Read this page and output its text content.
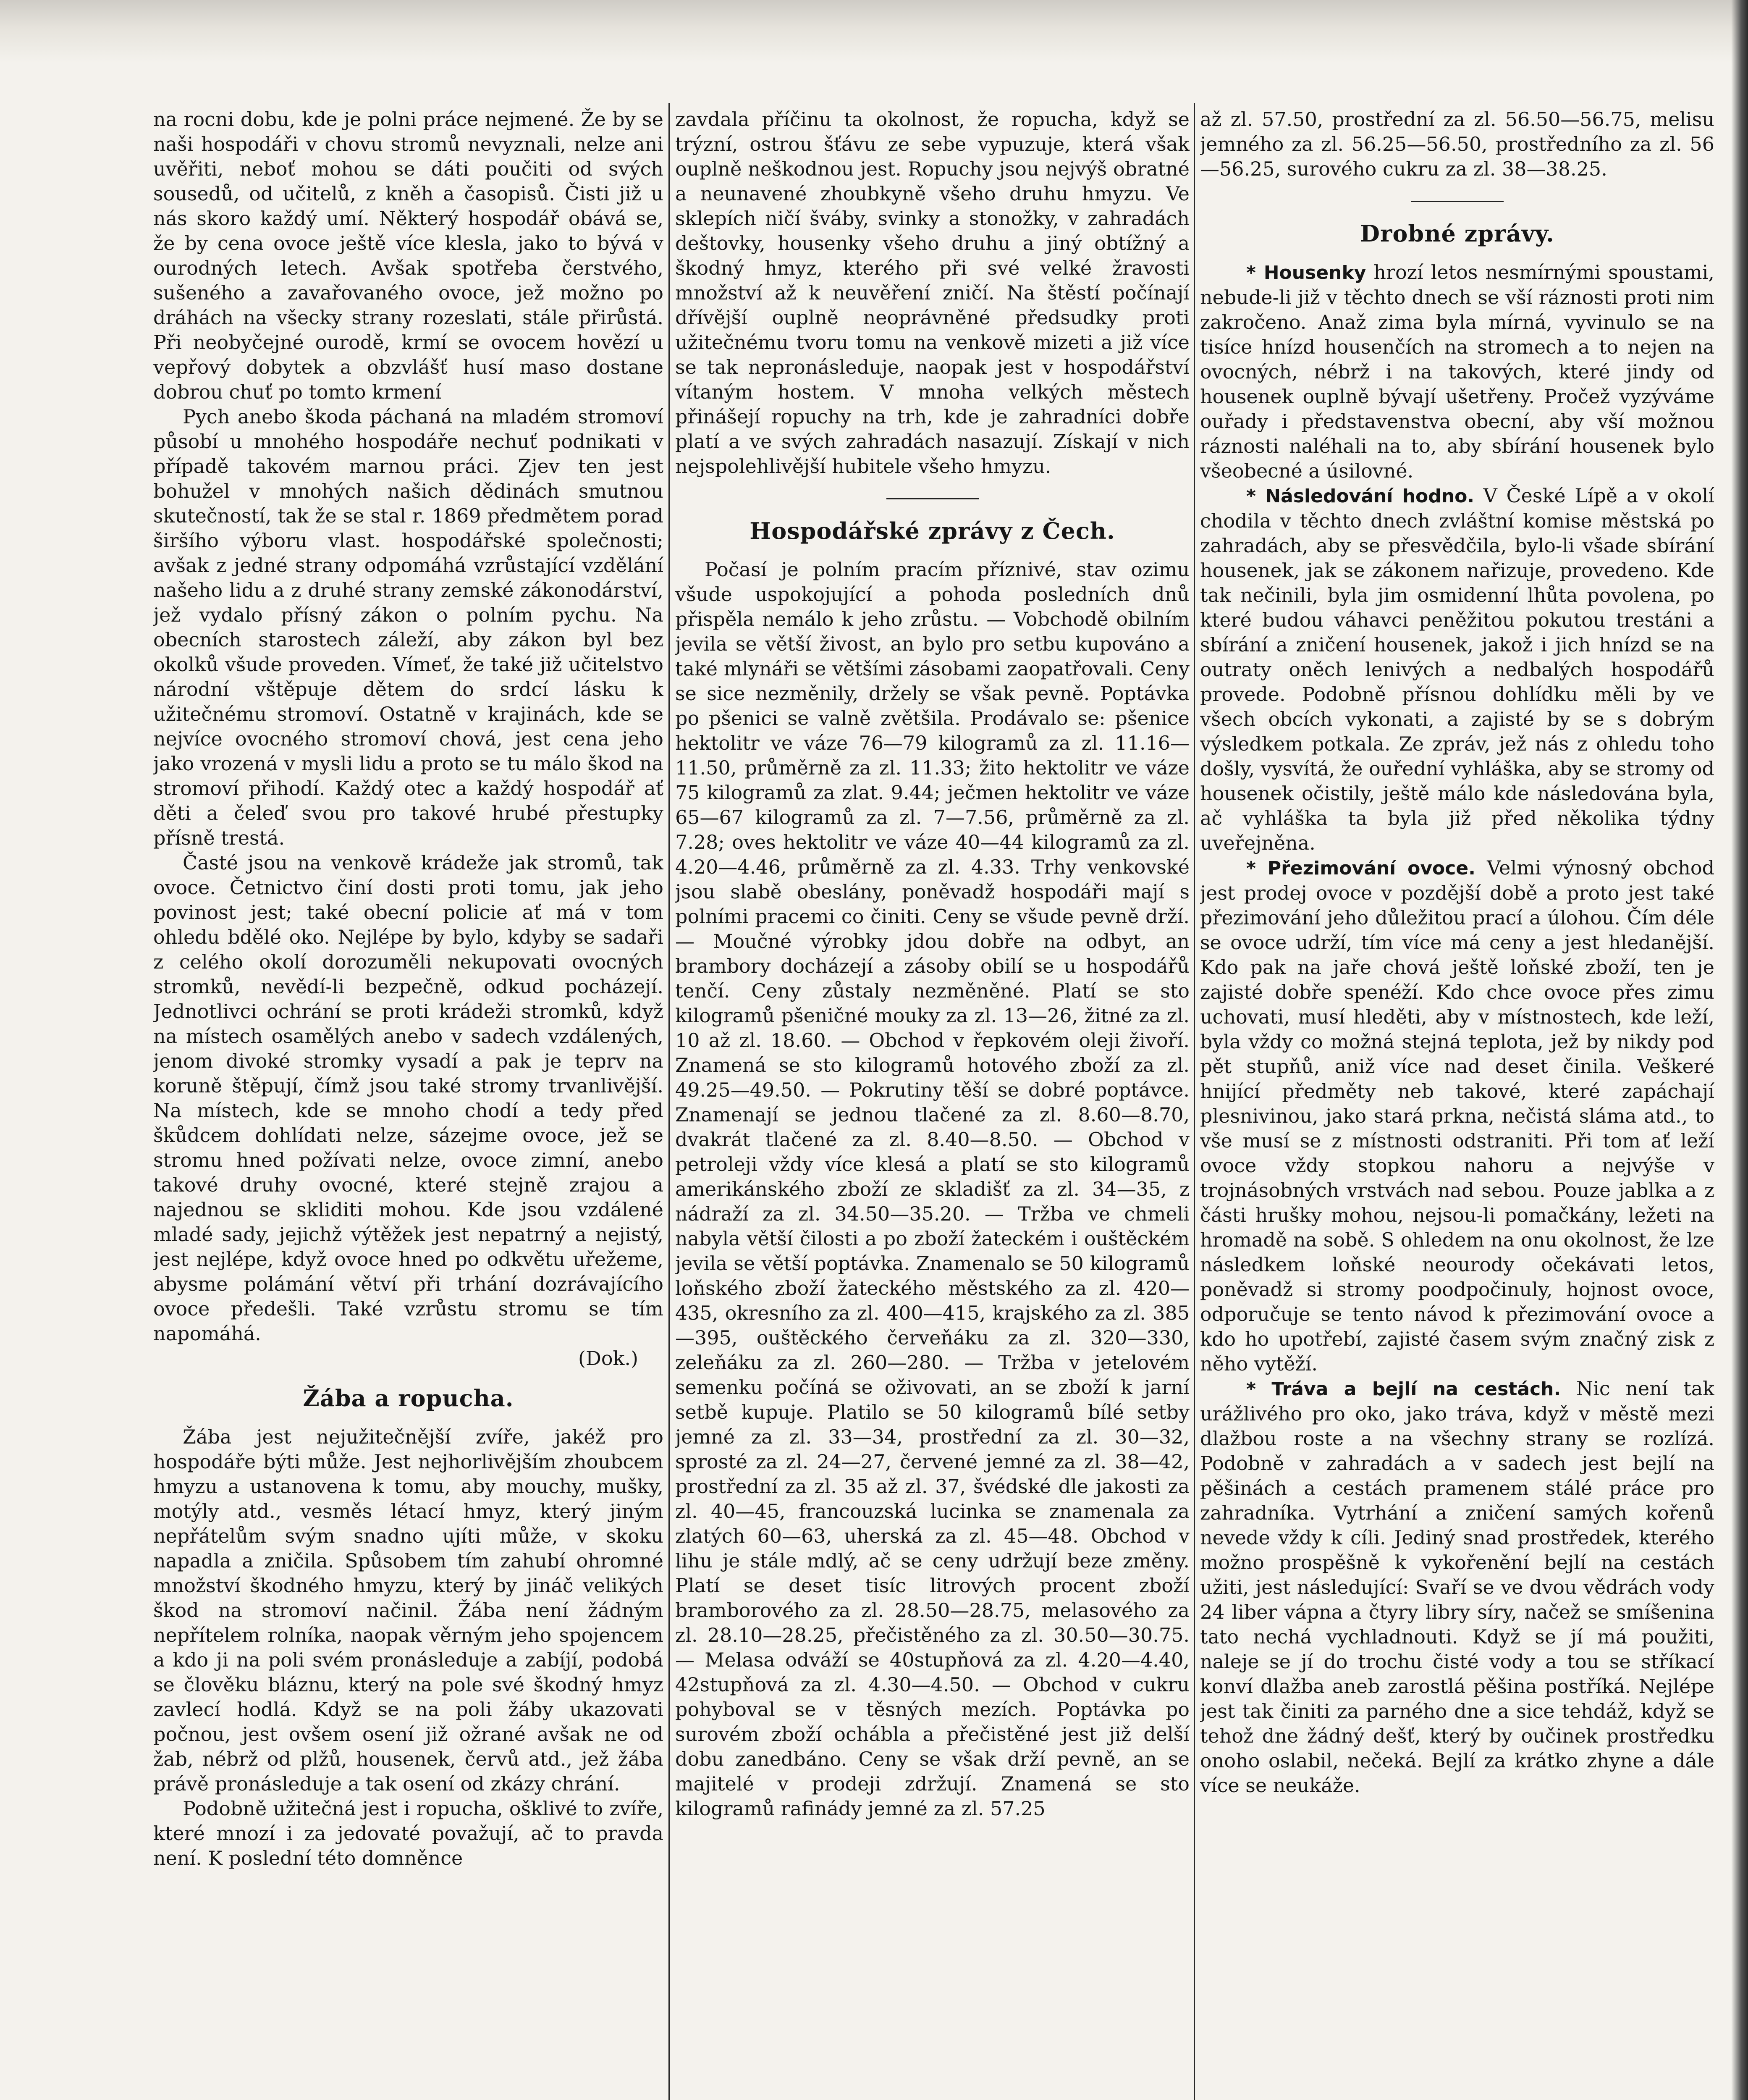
na rocni dobu, kde je polni práce nejmené. Že by se naši hospodáři v chovu stromů nevyznali, nelze ani uvěřiti, neboť mohou se dáti poučiti od svých sousedů, od učitelů, z kněh a časopisů. Čisti již u nás skoro každý umí. Některý hospodář obává se, že by cena ovoce ještě více klesla, jako to bývá v ourodných letech. Avšak spotřeba čerstvého, sušeného a zavařovaného ovoce, jež možno po dráhách na všecky strany rozeslati, stále přirůstá. Při neobyčejné ourodě, krmí se ovocem hovězí u vepřový dobytek a obzvlášť husí maso dostane dobrou chuť po tomto krmení

Pych anebo škoda páchaná na mladém stromoví působí u mnohého hospodáře nechuť podnikati v případě takovém marnou práci. Zjev ten jest bohužel v mnohých našich dědinách smutnou skutečností, tak že se stal r. 1869 předmětem porad širšího výboru vlast. hospodářské společnosti; avšak z jedné strany odpomáhá vzrůstající vzdělání našeho lidu a z druhé strany zemské zákonodárství, jež vydalo přísný zákon o polním pychu. Na obecních starostech záleží, aby zákon byl bez okolků všude proveden. Vímeť, že také již učitelstvo národní vštěpuje dětem do srdcí lásku k užitečnému stromoví. Ostatně v krajinách, kde se nejvíce ovocného stromoví chová, jest cena jeho jako vrozená v mysli lidu a proto se tu málo škod na stromoví přihodí. Každý otec a každý hospodář ať děti a čeleď svou pro takové hrubé přestupky přísně trestá.

Časté jsou na venkově krádeže jak stromů, tak ovoce. Četnictvo činí dosti proti tomu, jak jeho povinost jest; také obecní policie ať má v tom ohledu bdělé oko. Nejlépe by bylo, kdyby se sadaři z celého okolí dorozuměli nekupovati ovocných stromků, nevědí-li bezpečně, odkud pocházejí. Jednotlivci ochrání se proti krádeži stromků, když na místech osamělých anebo v sadech vzdálených, jenom divoké stromky vysadí a pak je teprv na koruně štěpují, čímž jsou také stromy trvanlivější. Na místech, kde se mnoho chodí a tedy před škůdcem dohlídati nelze, sázejme ovoce, jež se stromu hned požívati nelze, ovoce zimní, anebo takové druhy ovocné, které stejně zrajou a najednou se skliditi mohou. Kde jsou vzdálené mladé sady, jejichž výtěžek jest nepatrný a nejistý, jest nejlépe, když ovoce hned po odkvětu uřežeme, abysme polámání větví při trhání dozrávajícího ovoce předešli. Také vzrůstu stromu se tím napomáhá.

(Dok.)
Žába a ropucha.

Žába jest nejužitečnější zvíře, jakéž pro hospodáře býti může. Jest nejhorlivějším zhoubcem hmyzu a ustanovena k tomu, aby mouchy, mušky, motýly atd., vesměs létací hmyz, který jiným nepřátelům svým snadno ujíti může, v skoku napadla a zničila. Spůsobem tím zahubí ohromné množství škodného hmyzu, který by jináč velikých škod na stromoví načinil. Žába není žádným nepřítelem rolníka, naopak věrným jeho spojencem a kdo ji na poli svém pronásleduje a zabíjí, podobá se člověku bláznu, který na pole své škodný hmyz zavlecí hodlá. Když se na poli žáby ukazovati počnou, jest ovšem osení již ožrané avšak ne od žab, nébrž od plžů, housenek, červů atd., jež žába právě pronásleduje a tak osení od zkázy chrání.

Podobně užitečná jest i ropucha, ošklivé to zvíře, které mnozí i za jedovaté považují, ač to pravda není. K poslední této domněnce

zavdala příčinu ta okolnost, že ropucha, když se trýzní, ostrou šťávu ze sebe vypuzuje, která však ouplně neškodnou jest. Ropuchy jsou nejvýš obratné a neunavené zhoubkyně všeho druhu hmyzu. Ve sklepích ničí šváby, svinky a stonožky, v zahradách deštovky, housenky všeho druhu a jiný obtížný a škodný hmyz, kterého při své velké žravosti množství až k neuvěření zničí. Na štěstí počínají dřívější ouplně neoprávněné předsudky proti užitečnému tvoru tomu na venkově mizeti a již více se tak nepronásleduje, naopak jest v hospodářství vítaným hostem. V mnoha velkých městech přinášejí ropuchy na trh, kde je zahradníci dobře platí a ve svých zahradách nasazují. Získají v nich nejspolehlivější hubitele všeho hmyzu.

Hospodářské zprávy z Čech.

Počasí je polním pracím příznivé, stav ozimu všude uspokojující a pohoda posledních dnů přispěla nemálo k jeho zrůstu. — Vobchodě obilním jevila se větší živost, an bylo pro setbu kupováno a také mlynáři se většími zásobami zaopatřovali. Ceny se sice nezměnily, držely se však pevně. Poptávka po pšenici se valně zvětšila. Prodávalo se: pšenice hektolitr ve váze 76—79 kilogramů za zl. 11.16—11.50, průměrně za zl. 11.33; žito hektolitr ve váze 75 kilogramů za zlat. 9.44; ječmen hektolitr ve váze 65—67 kilogramů za zl. 7—7.56, průměrně za zl. 7.28; oves hektolitr ve váze 40—44 kilogramů za zl. 4.20—4.46, průměrně za zl. 4.33. Trhy venkovské jsou slabě obeslány, poněvadž hospodáři mají s polními pracemi co činiti. Ceny se všude pevně drží. — Moučné výrobky jdou dobře na odbyt, an brambory docházejí a zásoby obilí se u hospodářů tenčí. Ceny zůstaly nezměněné. Platí se sto kilogramů pšeničné mouky za zl. 13—26, žitné za zl. 10 až zl. 18.60. — Obchod v řepkovém oleji živoří. Znamená se sto kilogramů hotového zboží za zl. 49.25—49.50. — Pokrutiny těší se dobré poptávce. Znamenají se jednou tlačené za zl. 8.60—8.70, dvakrát tlačené za zl. 8.40—8.50. — Obchod v petroleji vždy více klesá a platí se sto kilogramů amerikánského zboží ze skladišť za zl. 34—35, z nádraží za zl. 34.50—35.20. — Tržba ve chmeli nabyla větší čilosti a po zboží žateckém i ouštěckém jevila se větší poptávka. Znamenalo se 50 kilogramů loňského zboží žateckého městského za zl. 420—435, okresního za zl. 400—415, krajského za zl. 385—395, ouštěckého červeňáku za zl. 320—330, zeleňáku za zl. 260—280. — Tržba v jetelovém semenku počíná se oživovati, an se zboží k jarní setbě kupuje. Platilo se 50 kilogramů bílé setby jemné za zl. 33—34, prostřední za zl. 30—32, sprosté za zl. 24—27, červené jemné za zl. 38—42, prostřední za zl. 35 až zl. 37, švédské dle jakosti za zl. 40—45, francouzská lucinka se znamenala za zlatých 60—63, uherská za zl. 45—48. Obchod v lihu je stále mdlý, ač se ceny udržují beze změny. Platí se deset tisíc litrových procent zboží bramborového za zl. 28.50—28.75, melasového za zl. 28.10—28.25, přečistěného za zl. 30.50—30.75. — Melasa odváží se 40stupňová za zl. 4.20—4.40, 42stupňová za zl. 4.30—4.50. — Obchod v cukru pohyboval se v těsných mezích. Poptávka po surovém zboží ochábla a přečistěné jest již delší dobu zanedbáno. Ceny se však drží pevně, an se majitelé v prodeji zdržují. Znamená se sto kilogramů rafinády jemné za zl. 57.25

až zl. 57.50, prostřední za zl. 56.50—56.75, melisu jemného za zl. 56.25—56.50, prostředního za zl. 56—56.25, surového cukru za zl. 38—38.25.

Drobné zprávy.

* Housenky hrozí letos nesmírnými spoustami, nebude-li již v těchto dnech se vší ráznosti proti nim zakročeno. Anaž zima byla mírná, vyvinulo se na tisíce hnízd housenčích na stromech a to nejen na ovocných, nébrž i na takových, které jindy od housenek ouplně bývají ušetřeny. Pročež vyzýváme ouřady i představenstva obecní, aby vší možnou ráznosti naléhali na to, aby sbírání housenek bylo všeobecné a úsilovné.

* Následování hodno. V České Lípě a v okolí chodila v těchto dnech zvláštní komise městská po zahradách, aby se přesvědčila, bylo-li všade sbírání housenek, jak se zákonem nařizuje, provedeno. Kde tak nečinili, byla jim osmidenní lhůta povolena, po které budou váhavci peněžitou pokutou trestáni a sbírání a zničení housenek, jakož i jich hnízd se na outraty oněch lenivých a nedbalých hospodářů provede. Podobně přísnou dohlídku měli by ve všech obcích vykonati, a zajisté by se s dobrým výsledkem potkala. Ze zpráv, jež nás z ohledu toho došly, vysvítá, že ouřední vyhláška, aby se stromy od housenek očistily, ještě málo kde následována byla, ač vyhláška ta byla již před několika týdny uveřejněna.

* Přezimování ovoce. Velmi výnosný obchod jest prodej ovoce v pozdější době a proto jest také přezimování jeho důležitou prací a úlohou. Čím déle se ovoce udrží, tím více má ceny a jest hledanější. Kdo pak na jaře chová ještě loňské zboží, ten je zajisté dobře spenéží. Kdo chce ovoce přes zimu uchovati, musí hleděti, aby v místnostech, kde leží, byla vždy co možná stejná teplota, jež by nikdy pod pět stupňů, aniž více nad deset činila. Veškeré hnijící předměty neb takové, které zapáchají plesnivinou, jako stará prkna, nečistá sláma atd., to vše musí se z místnosti odstraniti. Při tom ať leží ovoce vždy stopkou nahoru a nejvýše v trojnásobných vrstvách nad sebou. Pouze jablka a z části hrušky mohou, nejsou-li pomačkány, ležeti na hromadě na sobě. S ohledem na onu okolnost, že lze následkem loňské neourody očekávati letos, poněvadž si stromy poodpočinuly, hojnost ovoce, odporučuje se tento návod k přezimování ovoce a kdo ho upotřebí, zajisté časem svým značný zisk z něho vytěží.

* Tráva a bejlí na cestách. Nic není tak urážlivého pro oko, jako tráva, když v městě mezi dlažbou roste a na všechny strany se rozlízá. Podobně v zahradách a v sadech jest bejlí na pěšinách a cestách pramenem stálé práce pro zahradníka. Vytrhání a zničení samých kořenů nevede vždy k cíli. Jediný snad prostředek, kterého možno prospěšně k vykořenění bejlí na cestách užiti, jest následující: Svaří se ve dvou vědrách vody 24 liber vápna a čtyry libry síry, načež se smíšenina tato nechá vychladnouti. Když se jí má použiti, naleje se jí do trochu čisté vody a tou se stříkací konví dlažba aneb zarostlá pěšina postříká. Nejlépe jest tak činiti za parného dne a sice tehdáž, když se tehož dne žádný dešť, který by oučinek prostředku onoho oslabil, nečeká. Bejlí za krátko zhyne a dále více se neukáže.
